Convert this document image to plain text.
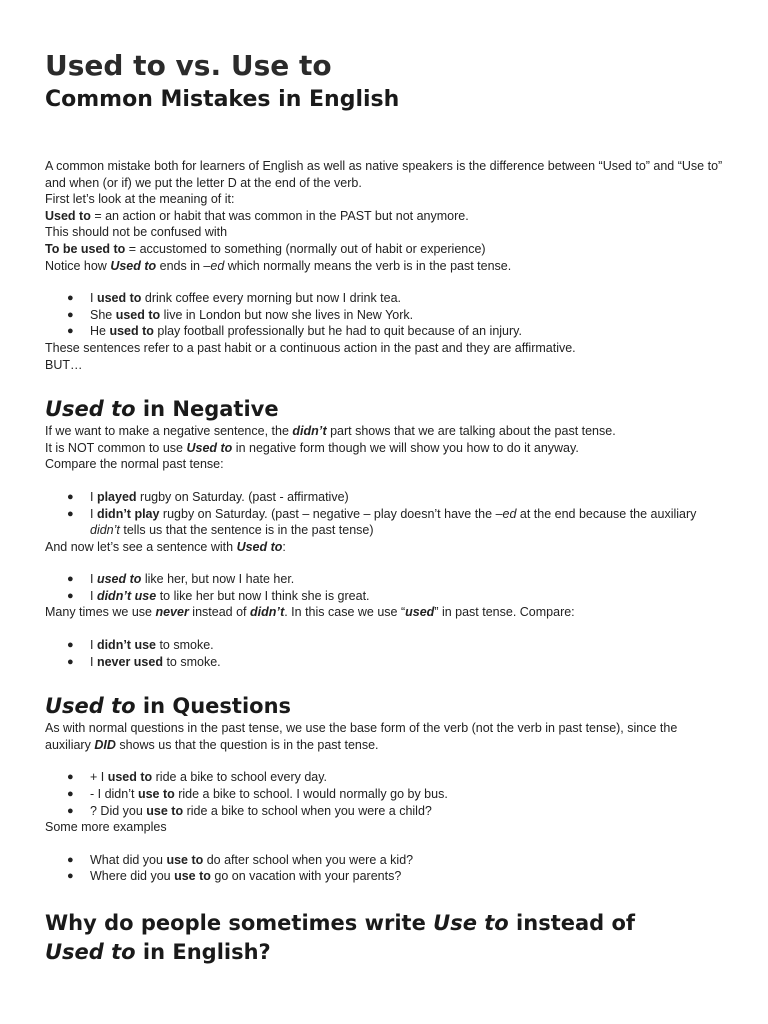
Used to vs. Use to
Common Mistakes in English

A common mistake both for learners of English as well as native speakers is the difference between “Used to” and “Use to” and when (or if) we put the letter D at the end of the verb.

First let’s look at the meaning of it:

Used to = an action or habit that was common in the PAST but not anymore.

This should not be confused with

To be used to = accustomed to something (normally out of habit or experience)

Notice how Used to ends in –ed which normally means the verb is in the past tense.

● I used to drink coffee every morning but now I drink tea.
● She used to live in London but now she lives in New York.
● He used to play football professionally but he had to quit because of an injury.

These sentences refer to a past habit or a continuous action in the past and they are affirmative.

BUT…

Used to in Negative

If we want to make a negative sentence, the didn’t part shows that we are talking about the past tense.

It is NOT common to use Used to in negative form though we will show you how to do it anyway.

Compare the normal past tense:

● I played rugby on Saturday. (past - affirmative)
● I didn’t play rugby on Saturday. (past – negative – play doesn’t have the –ed at the end because the auxiliary didn’t tells us that the sentence is in the past tense)

And now let’s see a sentence with Used to:

● I used to like her, but now I hate her.
● I didn’t use to like her but now I think she is great.

Many times we use never instead of didn’t. In this case we use “used” in past tense. Compare:

● I didn’t use to smoke.
● I never used to smoke.
Used to in Questions

As with normal questions in the past tense, we use the base form of the verb (not the verb in past tense), since the auxiliary DID shows us that the question is in the past tense.

● + I used to ride a bike to school every day.
● - I didn’t use to ride a bike to school. I would normally go by bus.
● ? Did you use to ride a bike to school when you were a child?

Some more examples

● What did you use to do after school when you were a kid?
● Where did you use to go on vacation with your parents?
Why do people sometimes write Use to instead of Used to in English?
